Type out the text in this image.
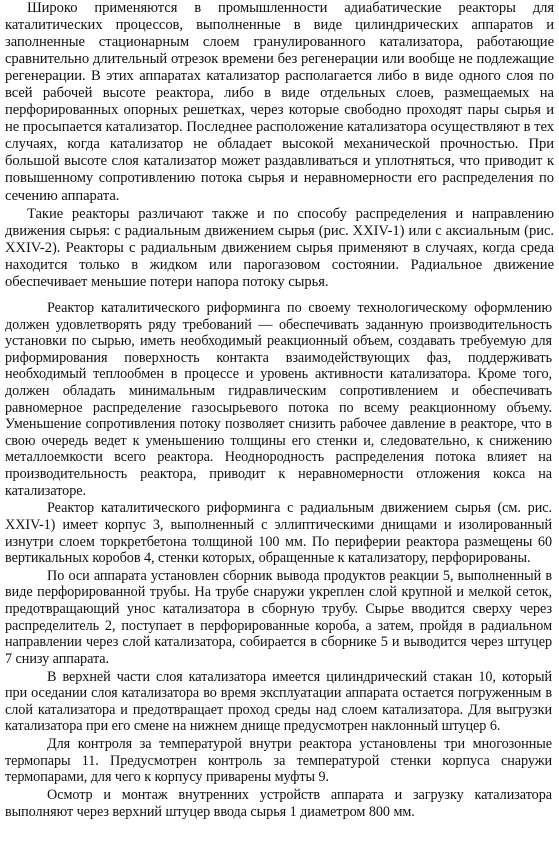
Широко применяются в промышленности адиабатические реакторы для каталитических процессов, выполненные в виде цилиндрических аппаратов и заполненные стационарным слоем гранулированного катализатора, работающие сравнительно длительный отрезок времени без регенерации или вообще не подлежащие регенерации. В этих аппаратах катализатор располагается либо в виде одного слоя по всей рабочей высоте реактора, либо в виде отдельных слоев, размещаемых на перфорированных опорных решетках, через которые свободно проходят пары сырья и не просыпается катализатор. Последнее расположение катализатора осуществляют в тех случаях, когда катализатор не обладает высокой механической прочностью. При большой высоте слоя катализатор может раздавливаться и уплотняться, что приводит к повышенному сопротивлению потока сырья и неравномерности его распределения по сечению аппарата.

Такие реакторы различают также и по способу распределения и направлению движения сырья: с радиальным движением сырья (рис. XXIV-1) или с аксиальным (рис. XXIV-2). Реакторы с радиальным движением сырья применяют в случаях, когда среда находится только в жидком или парогазовом состоянии. Радиальное движение обеспечивает меньшие потери напора потоку сырья.

Реактор каталитического риформинга по своему технологическому оформлению должен удовлетворять ряду требований — обеспечивать заданную производительность установки по сырью, иметь необходимый реакционный объем, создавать требуемую для риформирования поверхность контакта взаимодействующих фаз, поддерживать необходимый теплообмен в процессе и уровень активности катализатора. Кроме того, должен обладать минимальным гидравлическим сопротивлением и обеспечивать равномерное распределение газосырьевого потока по всему реакционному объему. Уменьшение сопротивления потоку позволяет снизить рабочее давление в реакторе, что в свою очередь ведет к уменьшению толщины его стенки и, следовательно, к снижению металлоемкости всего реактора. Неоднородность распределения потока влияет на производительность реактора, приводит к неравномерности отложения кокса на катализаторе.

Реактор каталитического риформинга с радиальным движением сырья (см. рис. XXIV-1) имеет корпус 3, выполненный с эллиптическими днищами и изолированный изнутри слоем торкретбетона толщиной 100 мм. По периферии реактора размещены 60 вертикальных коробов 4, стенки которых, обращенные к катализатору, перфорированы.

По оси аппарата установлен сборник вывода продуктов реакции 5, выполненный в виде перфорированной трубы. На трубе снаружи укреплен слой крупной и мелкой сеток, предотвращающий унос катализатора в сборную трубу. Сырье вводится сверху через распределитель 2, поступает в перфорированные короба, а затем, пройдя в радиальном направлении через слой катализатора, собирается в сборнике 5 и выводится через штуцер 7 снизу аппарата.

В верхней части слоя катализатора имеется цилиндрический стакан 10, который при оседании слоя катализатора во время эксплуатации аппарата остается погруженным в слой катализатора и предотвращает проход среды над слоем катализатора. Для выгрузки катализатора при его смене на нижнем днище предусмотрен наклонный штуцер 6.

Для контроля за температурой внутри реактора установлены три многозонные термопары 11. Предусмотрен контроль за температурой стенки корпуса снаружи термопарами, для чего к корпусу приварены муфты 9.

Осмотр и монтаж внутренних устройств аппарата и загрузку катализатора выполняют через верхний штуцер ввода сырья 1 диаметром 800 мм.
